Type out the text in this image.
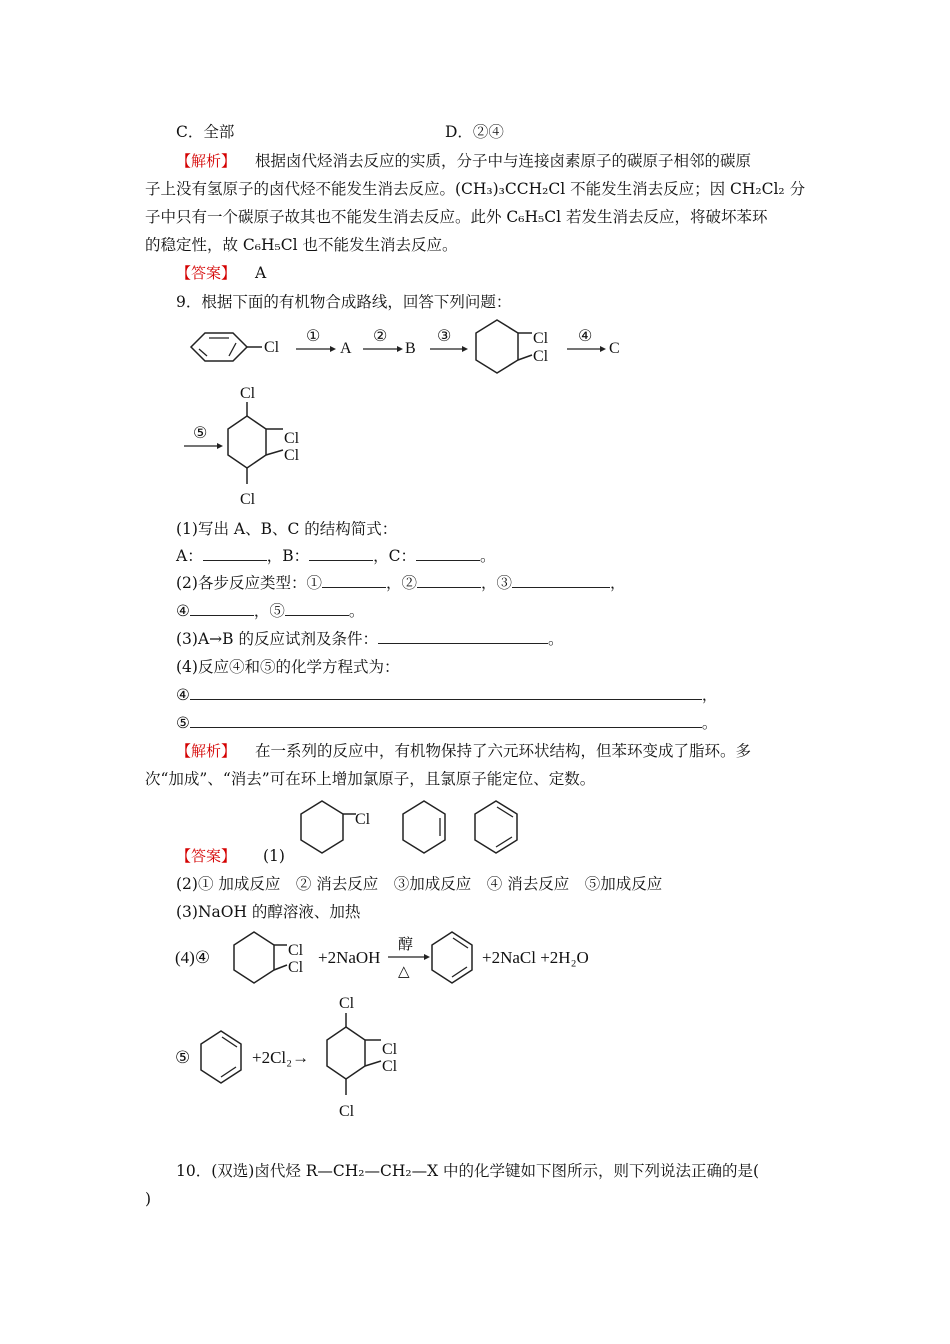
C．全部	D．②④
【解析】 根据卤代烃消去反应的实质，分子中与连接卤素原子的碳原子相邻的碳原
子上没有氢原子的卤代烃不能发生消去反应。(CH₃)₃CCH₂Cl 不能发生消去反应；因 CH₂Cl₂ 分
子中只有一个碳原子故其也不能发生消去反应。此外 C₆H₅Cl 若发生消去反应，将破坏苯环
的稳定性，故 C₆H₅Cl 也不能发生消去反应。
【答案】 A
9．根据下面的有机物合成路线，回答下列问题：
Cl
①
A
②
B
③	Cl
Cl
④
C
⑤
Cl
Cl
Cl
Cl
(1)写出 A、B、C 的结构简式：
A：	，B：	，C：	。
(2)各步反应类型：①	，②	，③	，
④	，⑤	。
(3)A→B 的反应试剂及条件：	。
(4)反应④和⑤的化学方程式为：
④	，
⑤	。
【解析】 在一系列的反应中，有机物保持了六元环状结构，但苯环变成了脂环。多
次“加成”、“消去”可在环上增加氯原子，且氯原子能定位、定数。
Cl
(4)④	Cl
Cl
+2NaOH
醇
△
+2NaCl +2H₂O
⑤	+2Cl₂→
Cl
Cl
Cl
Cl
【答案】 (1)
(2)① 加成反应　② 消去反应　③加成反应　④ 消去反应　⑤加成反应
(3)NaOH 的醇溶液、加热
10．(双选)卤代烃 R—CH₂—CH₂—X 中的化学键如下图所示，则下列说法正确的是(
)
